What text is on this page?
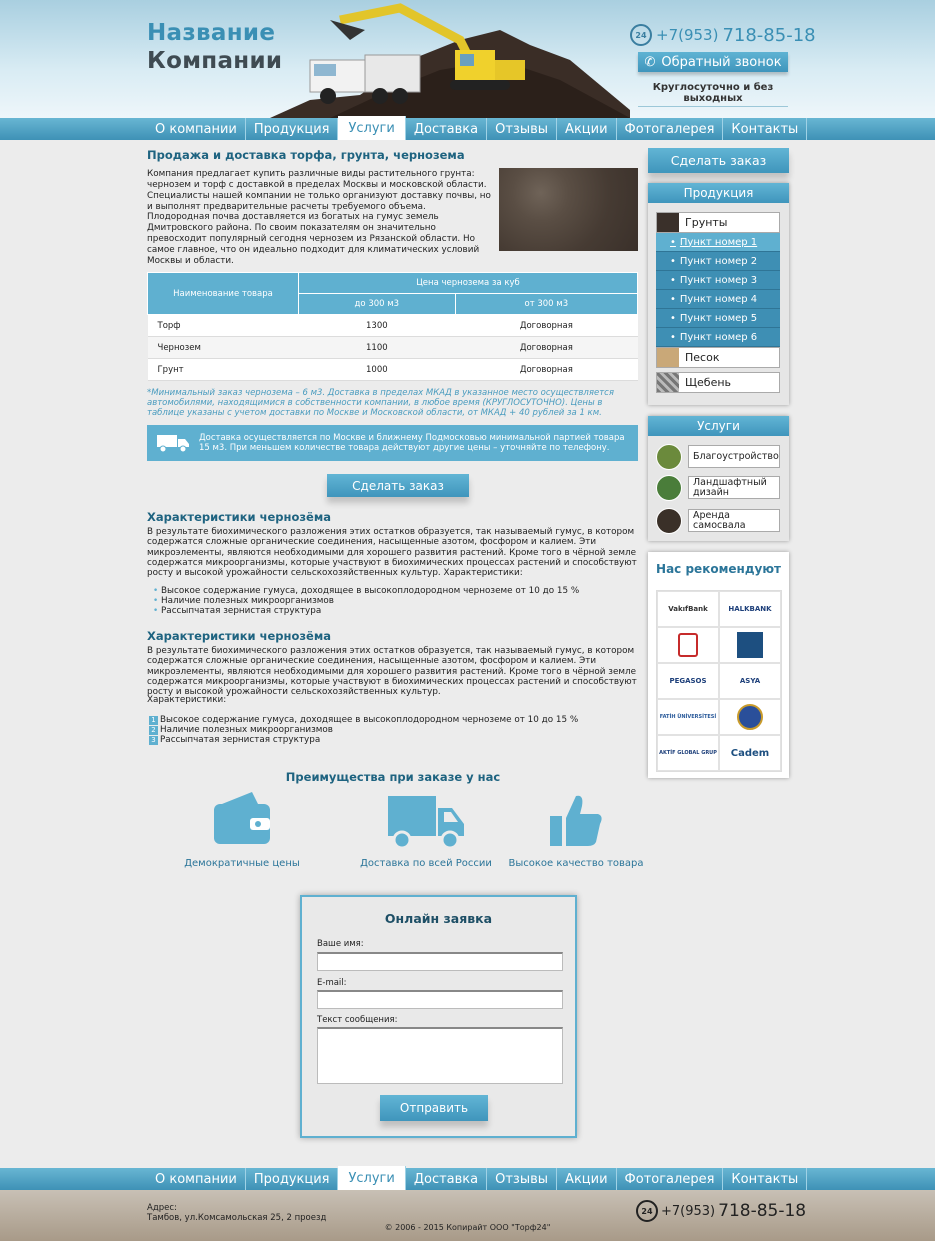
Название
Компании
24 +7(953) 718-85-18
✆ Обратный звонок
Круглосуточно и без выходных
О компании	Продукция	Услуги	Доставка	Отзывы	Акции	Фотогалерея	Контакты
Продажа и доставка торфа, грунта, чернозема

Компания предлагает купить различные виды растительного грунта: чернозем и торф с доставкой в пределах Москвы и московской области. Специалисты нашей компании не только организуют доставку почвы, но и выполнят предварительные расчеты требуемого объема.

Плодородная почва доставляется из богатых на гумус земель Дмитровского района. По своим показателям он значительно превосходит популярный сегодня чернозем из Рязанской области. Но самое главное, что он идеально подходит для климатических условий Москвы и области.

Наименование товара	Цена чернозема за куб	
	до 300 м3	от 300 м3
Торф	1300	Договорная
Чернозем	1100	Договорная
Грунт	1000	Договорная

*Минимальный заказ чернозема – 6 м3. Доставка в пределах МКАД в указанное место осуществляется автомобилями, находящимися в собственности компании, в любое время (КРУГЛОСУТОЧНО). Цены в таблице указаны с учетом доставки по Москве и Московской области, от МКАД + 40 рублей за 1 км.

Доставка осуществляется по Москве и ближнему Подмосковью минимальной партией товара 15 м3. При меньшем количестве товара действуют другие цены – уточняйте по телефону.
Сделать заказ
Характеристики чернозёма

В результате биохимического разложения этих остатков образуется, так называемый гумус, в котором содержатся сложные органические соединения, насыщенные азотом, фосфором и калием. Эти микроэлементы, являются необходимыми для хорошего развития растений. Кроме того в чёрной земле содержатся микроорганизмы, которые участвуют в биохимических процессах растений и способствуют росту и высокой урожайности сельскохозяйственных культур. Характеристики:

• Высокое содержание гумуса, доходящее в высокоплодородном черноземе от 10 до 15 %
• Наличие полезных микроорганизмов
• Рассыпчатая зернистая структура
Характеристики чернозёма

В результате биохимического разложения этих остатков образуется, так называемый гумус, в котором содержатся сложные органические соединения, насыщенные азотом, фосфором и калием. Эти микроэлементы, являются необходимыми для хорошего развития растений. Кроме того в чёрной земле содержатся микроорганизмы, которые участвуют в биохимических процессах растений и способствуют росту и высокой урожайности сельскохозяйственных культур.

Характеристики:

1 Высокое содержание гумуса, доходящее в высокоплодородном черноземе от 10 до 15 %
2 Наличие полезных микроорганизмов
3 Рассыпчатая зернистая структура
Преимущества при заказе у нас
Демократичные цены	Доставка по всей России Высокое качество товара
Сделать заказ
Продукция
Грунты
• Пункт номер 1
• Пункт номер 2
• Пункт номер 3
• Пункт номер 4
• Пункт номер 5
• Пункт номер 6
Песок
Щебень
Услуги
Благоустройство
Ландшафтный дизайн
Аренда самосвала
Нас рекомендуют
VakıfBank	HALKBANK
PEGASOS	ASYA
FATİH ÜNİVERSİTESİ
AKTİF GLOBAL GRUP Cadem
Онлайн заявка
Ваше имя:
E-mail:
Текст сообщения:
Отправить
О компании	Продукция	Услуги	Доставка	Отзывы	Акции	Фотогалерея	Контакты
Адрес:
Тамбов, ул.Комсамольская 25, 2 проезд
© 2006 - 2015 Копирайт ООО "Торф24"
24 +7(953) 718-85-18
